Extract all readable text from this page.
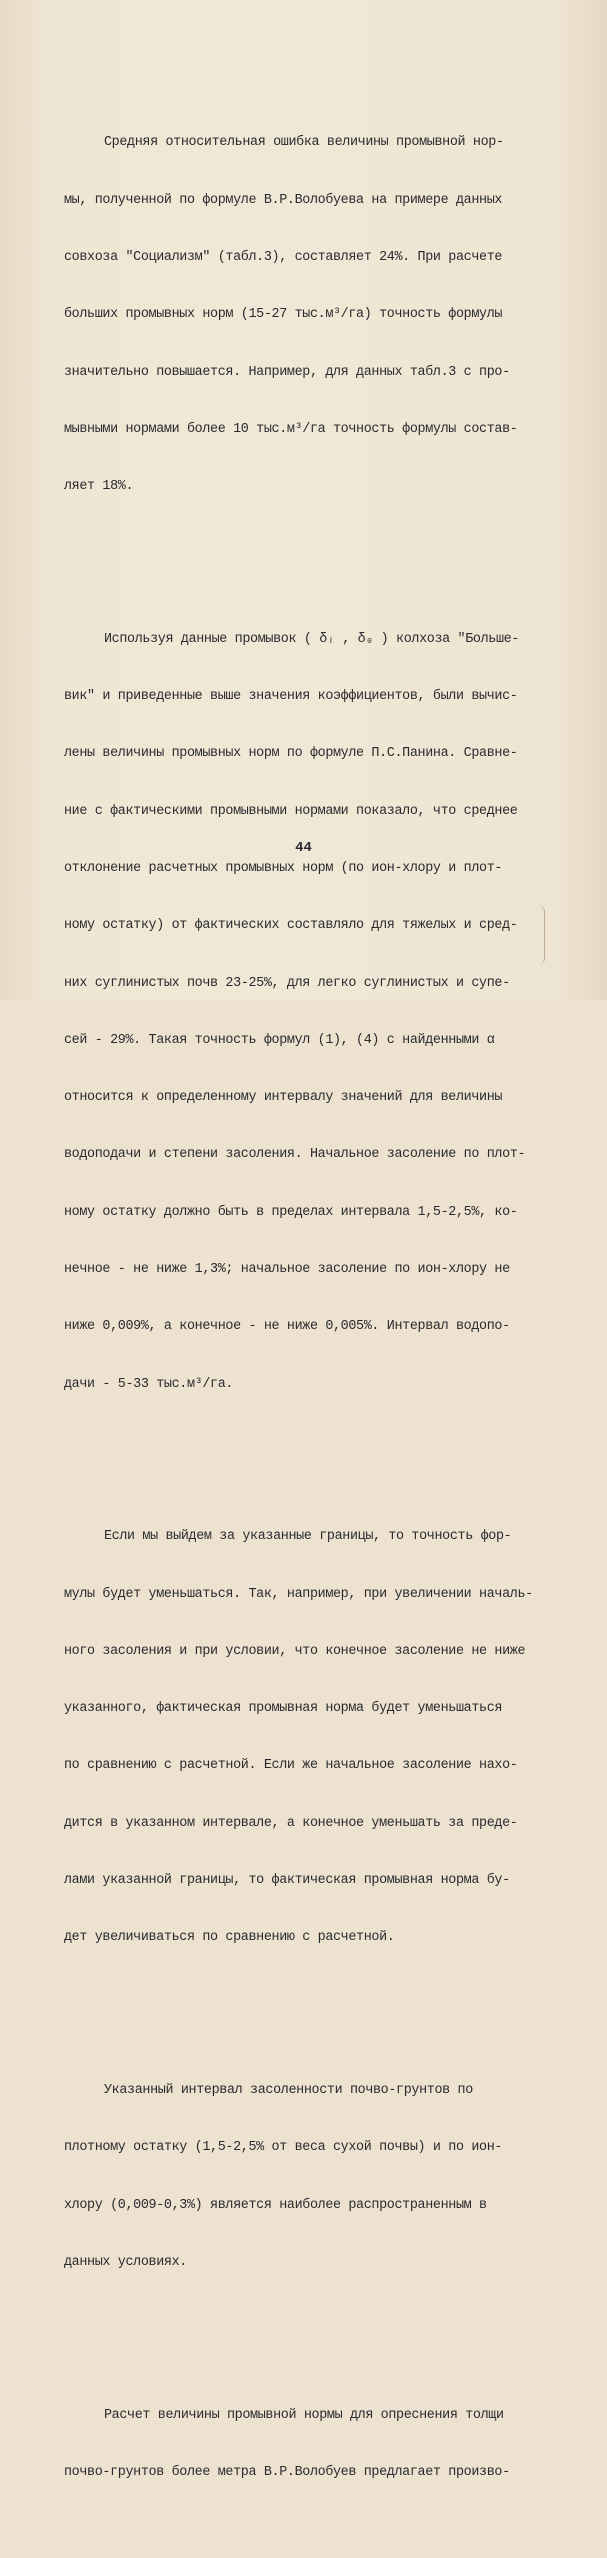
Средняя относительная ошибка величины промывной нор-

мы, полученной по формуле В.Р.Волобуева на примере данных

совхоза "Социализм" (табл.3), составляет 24%. При расчете

больших промывных норм (15-27 тыс.м³/га) точность формулы

значительно повышается. Например, для данных табл.3 с про-

мывными нормами более 10 тыс.м³/га точность формулы состав-

ляет 18%.

Используя данные промывок ( δᵢ , δ₀ ) колхоза "Больше-

вик" и приведенные выше значения коэффициентов, были вычис-

лены величины промывных норм по формуле П.С.Панина. Сравне-

ние с фактическими промывными нормами показало, что среднее

отклонение расчетных промывных норм (по ион-хлору и плот-

ному остатку) от фактических составляло для тяжелых и сред-

них суглинистых почв 23-25%, для легко суглинистых и супе-

сей - 29%. Такая точность формул (1), (4) с найденными α

относится к определенному интервалу значений для величины

водоподачи и степени засоления. Начальное засоление по плот-

ному остатку должно быть в пределах интервала 1,5-2,5%, ко-

нечное - не ниже 1,3%; начальное засоление по ион-хлору не

ниже 0,009%, а конечное - не ниже 0,005%. Интервал водопо-

дачи - 5-33 тыс.м³/га.

Если мы выйдем за указанные границы, то точность фор-

мулы будет уменьшаться. Так, например, при увеличении началь-

ного засоления и при условии, что конечное засоление не ниже

указанного, фактическая промывная норма будет уменьшаться

по сравнению с расчетной. Если же начальное засоление нахо-

дится в указанном интервале, а конечное уменьшать за преде-

лами указанной границы, то фактическая промывная норма бу-

дет увеличиваться по сравнению с расчетной.

Указанный интервал засоленности почво-грунтов по

плотному остатку (1,5-2,5% от веса сухой почвы) и по ион-

хлору (0,009-0,3%) является наиболее распространенным в

данных условиях.

Расчет величины промывной нормы для опреснения толщи

почво-грунтов более метра В.Р.Волобуев предлагает произво-

44
